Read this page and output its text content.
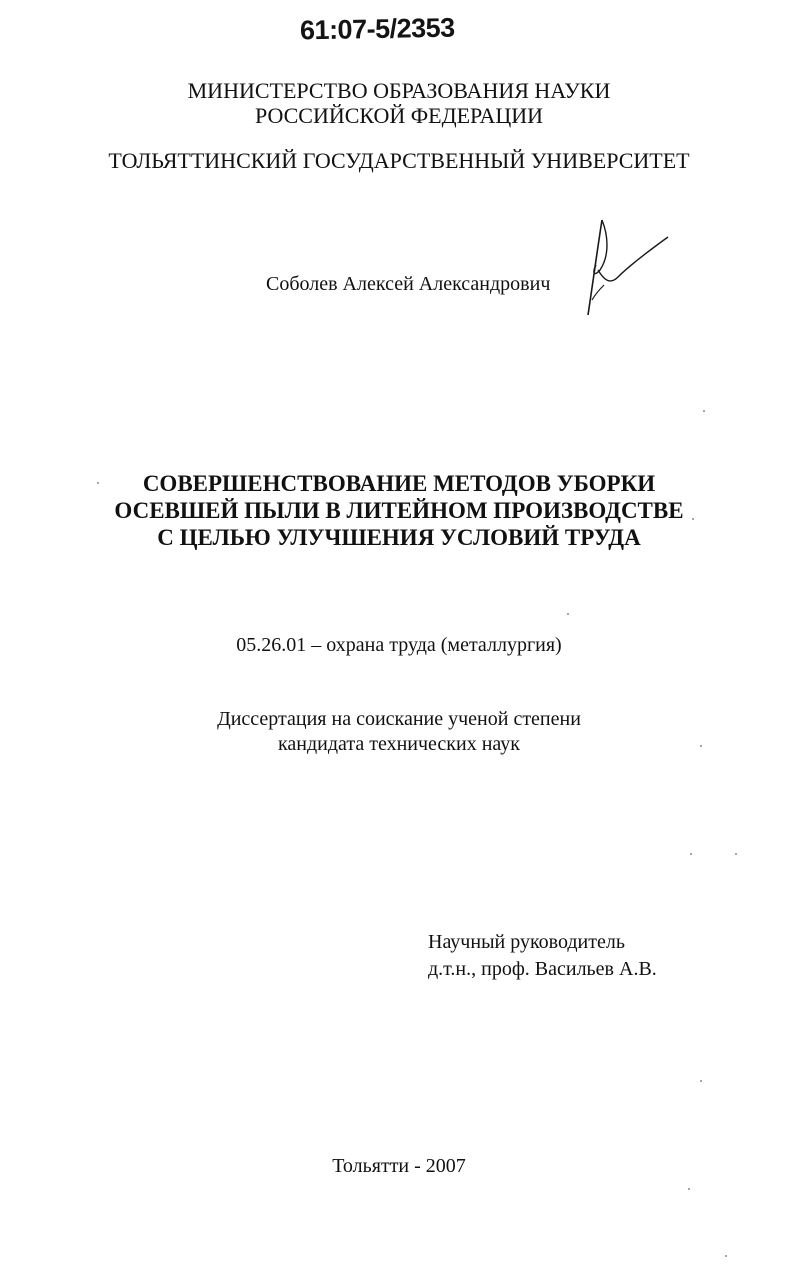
61:07-5/2353
МИНИСТЕРСТВО ОБРАЗОВАНИЯ НАУКИ
РОССИЙСКОЙ ФЕДЕРАЦИИ
ТОЛЬЯТТИНСКИЙ ГОСУДАРСТВЕННЫЙ УНИВЕРСИТЕТ
Соболев Алексей Александрович
СОВЕРШЕНСТВОВАНИЕ МЕТОДОВ УБОРКИ
ОСЕВШЕЙ ПЫЛИ В ЛИТЕЙНОМ ПРОИЗВОДСТВЕ
С ЦЕЛЬЮ УЛУЧШЕНИЯ УСЛОВИЙ ТРУДА
05.26.01 – охрана труда (металлургия)
Диссертация на соискание ученой степени
кандидата технических наук
Научный руководитель
д.т.н., проф. Васильев А.В.
Тольятти - 2007
